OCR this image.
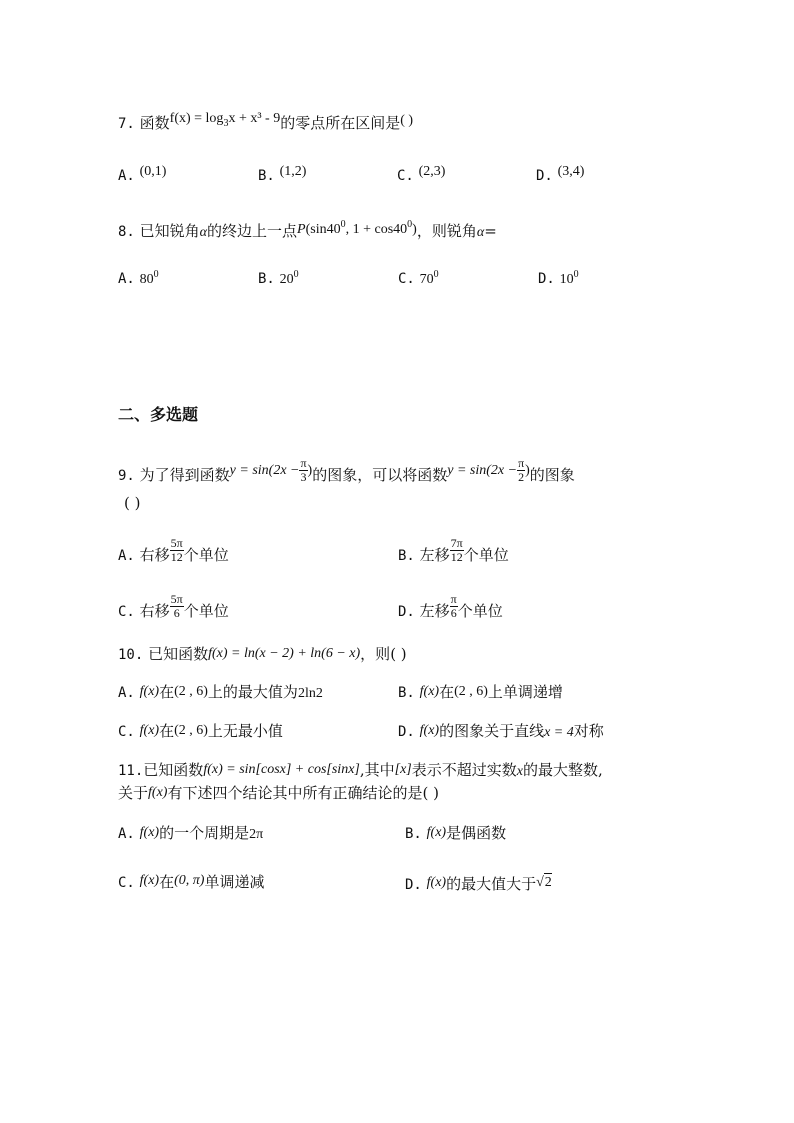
7. 函数$f(x) = \log_3x + x^3 - 9$的零点所在区间是( )
A. (0,1)	B. (1,2)	C. (2,3)	D. (3,4)
8. 已知锐角α的终边上一点$P(\sin 40^0$, $1 + \cos 40^0$)，则锐角α=
A. $80^0$	B. $20^0$	C. $70^0$	D. $10^0$
二、多选题
9. 为了得到函数$y = \sin(2x - \frac{\pi}{3}$ )的图象，可以将函数$y = \sin(2x - \frac{\pi}{2}$ )的图象
( )
A. 右移 $\frac{5\pi}{12}$ 个单位	B. 左移 $\frac{7\pi}{12}$ 个单位
C. 右移 $\frac{5\pi}{6}$ 个单位	D. 左移 $\frac{\pi}{6}$ 个单位
10. 已知函数f(x) = ln(x − 2) + ln(6 − x)，则( )
A. f(x)在(2 , 6)上的最大值为2ln2	B. f(x)在(2 , 6)上单调递增
C. f(x)在(2 , 6)上无最小值	D. f(x)的图象关于直线x = 4对称
11.已知函数f(x) = sin[cosx] + cos[sinx],其中[x]表示不超过实数x的最大整数,
关于f(x)有下述四个结论其中所有正确结论的是( )
A. f(x)的一个周期是2π	B. f(x)是偶函数
C. f(x)在(0, π)单调递减	D. f(x)的最大值大于√2
